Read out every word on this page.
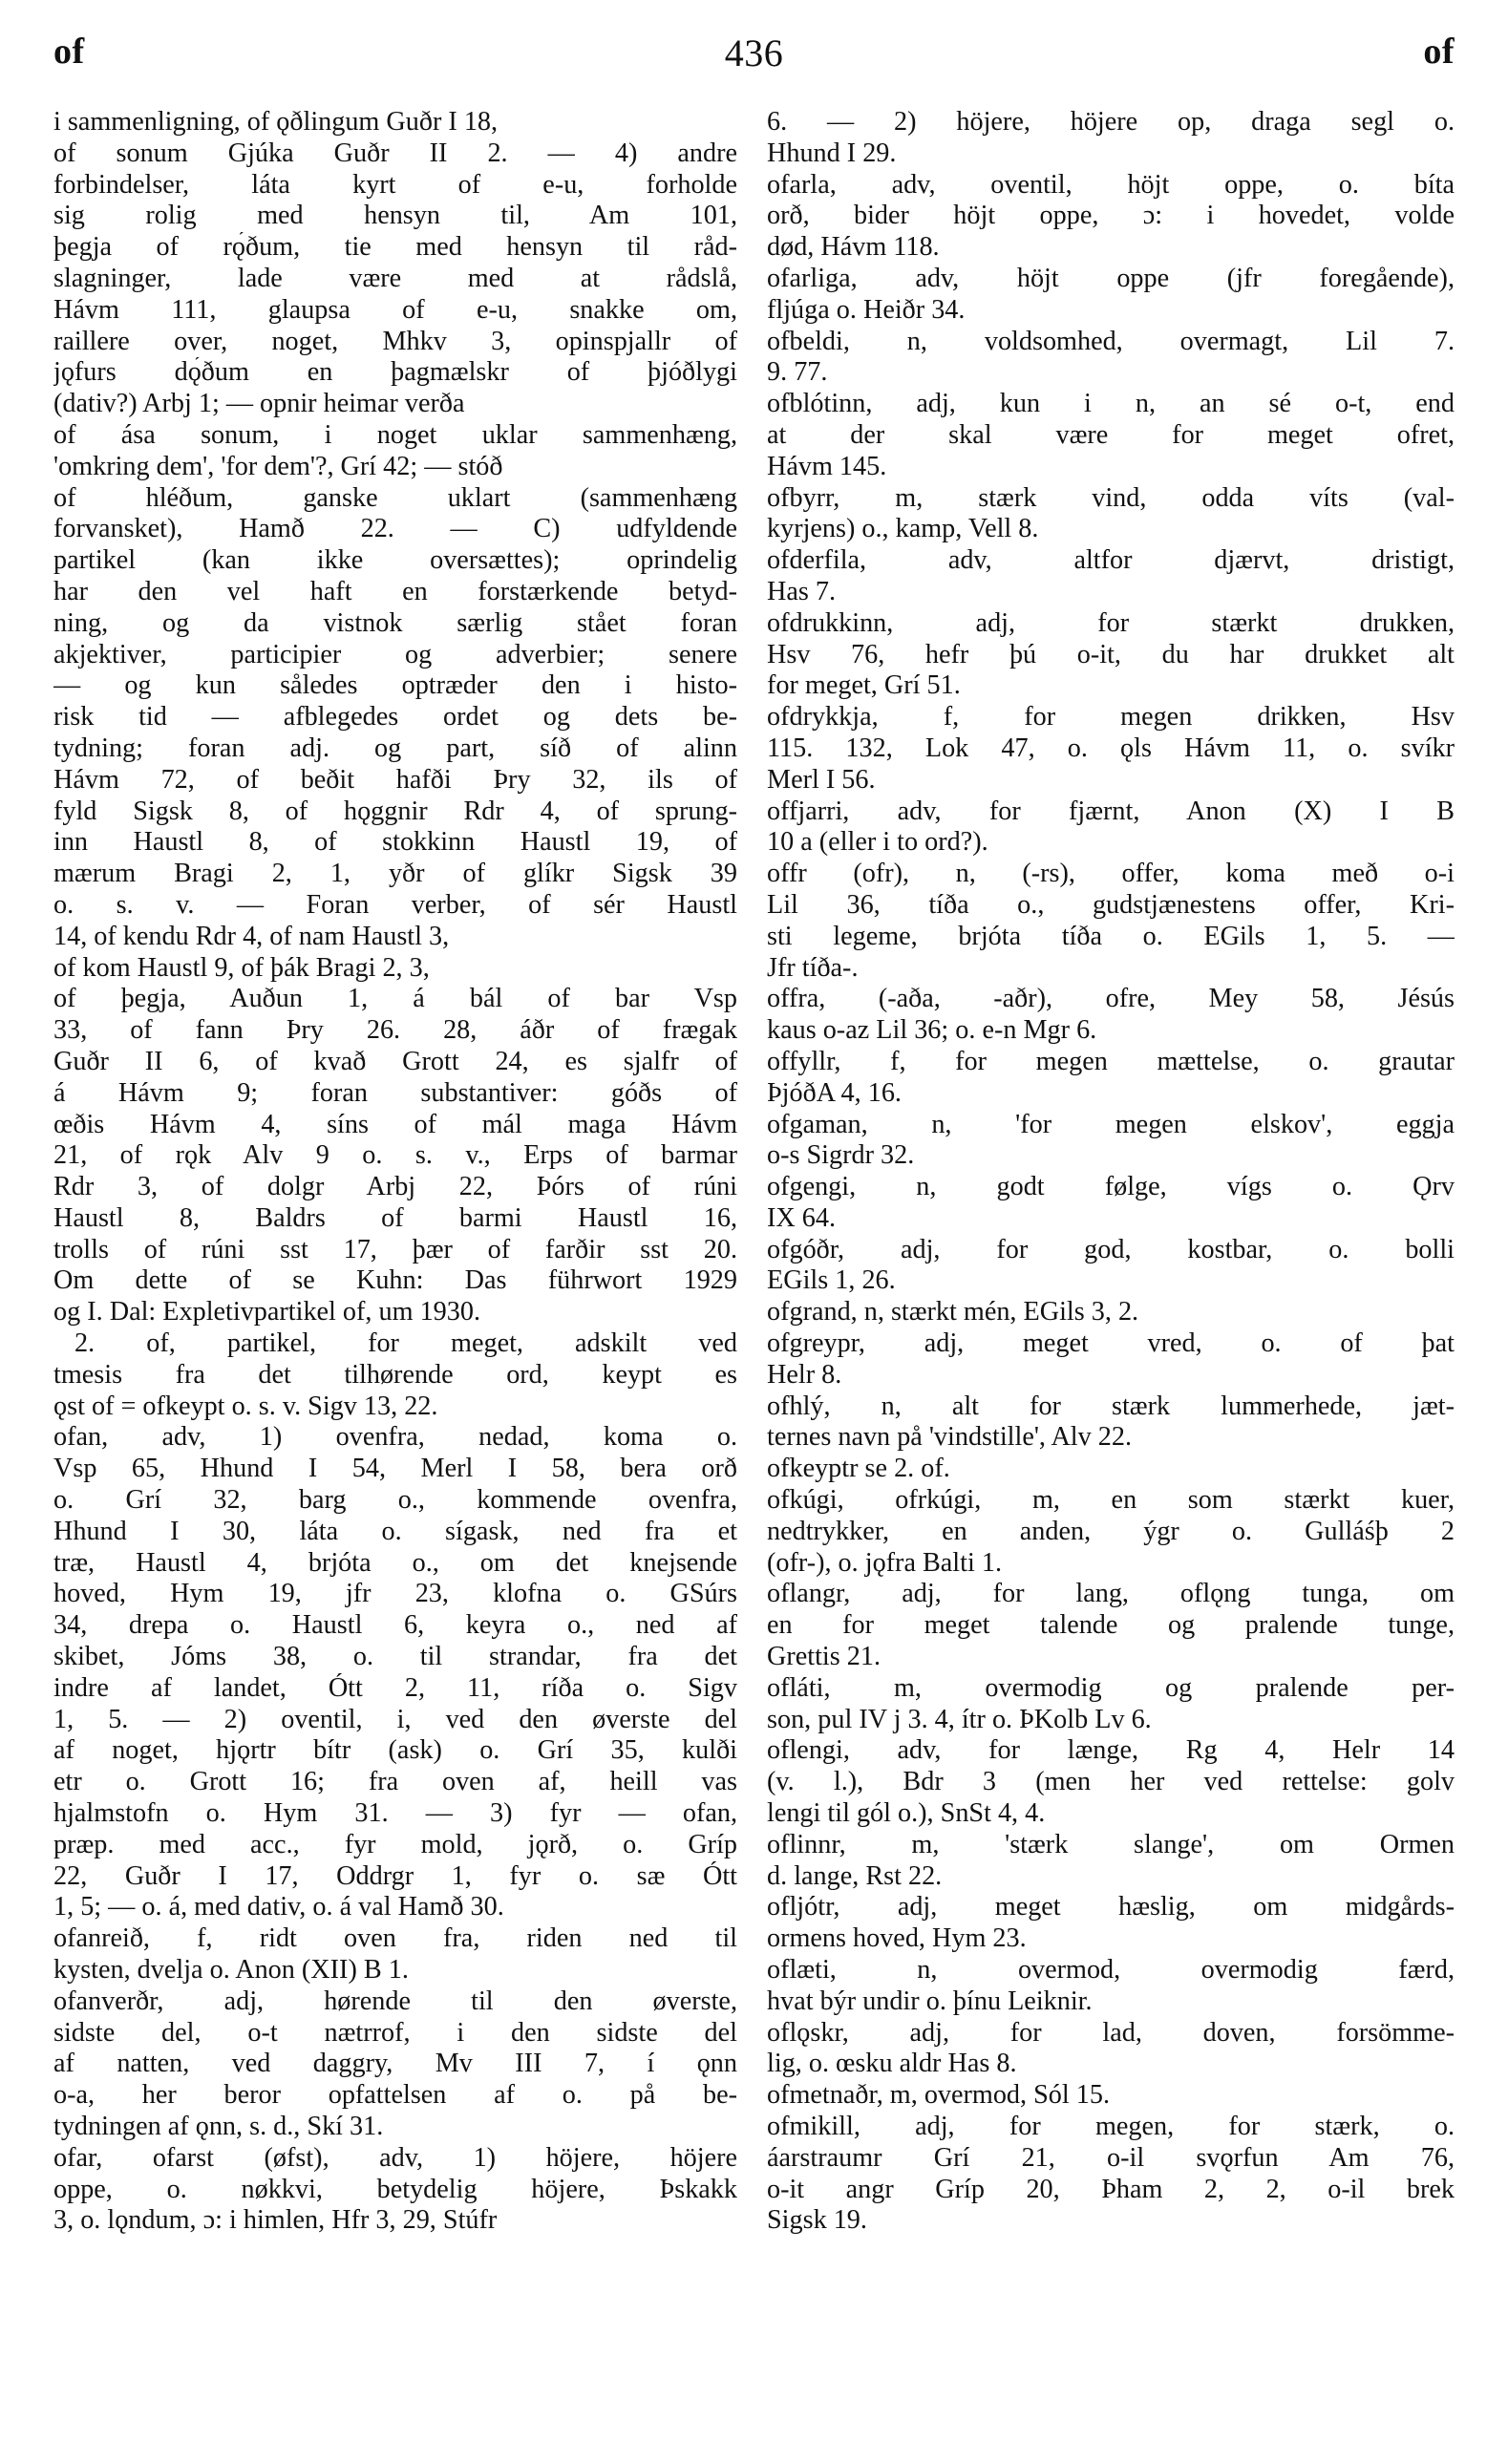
of	436	of
i sammenligning, of ǫðlingum Guðr I 18,
of sonum Gjúka Guðr II 2. — 4) andre
forbindelser, láta kyrt of e-u, forholde
sig rolig med hensyn til, Am 101,
þegja of rǫ́ðum, tie med hensyn til råd-
slagninger, lade være med at rådslå,
Hávm 111, glaupsa of e-u, snakke om,
raillere over, noget, Mhkv 3, opinspjallr of
jǫfurs dǫ́ðum en þagmælskr of þjóðlygi
(dativ?) Arbj 1; — opnir heimar verða
of ása sonum, i noget uklar sammenhæng,
'omkring dem', 'for dem'?, Grí 42; — stóð
of hléðum, ganske uklart (sammenhæng
forvansket), Hamð 22. — C) udfyldende
partikel (kan ikke oversættes); oprindelig
har den vel haft en forstærkende betyd-
ning, og da vistnok særlig stået foran
akjektiver, participier og adverbier; senere
— og kun således optræder den i histo-
risk tid — afblegedes ordet og dets be-
tydning; foran adj. og part, síð of alinn
Hávm 72, of beðit hafði Þry 32, ils of
fyld Sigsk 8, of hǫggnir Rdr 4, of sprung-
inn Haustl 8, of stokkinn Haustl 19, of
mærum Bragi 2, 1, yðr of glíkr Sigsk 39
o. s. v. — Foran verber, of sér Haustl
14, of kendu Rdr 4, of nam Haustl 3,
of kom Haustl 9, of þák Bragi 2, 3,
of þegja, Auðun 1, á bál of bar Vsp
33, of fann Þry 26. 28, áðr of frægak
Guðr II 6, of kvað Grott 24, es sjalfr of
á Hávm 9; foran substantiver: góðs of
œðis Hávm 4, síns of mál maga Hávm
21, of rǫk Alv 9 o. s. v., Erps of barmar
Rdr 3, of dolgr Arbj 22, Þórs of rúni
Haustl 8, Baldrs of barmi Haustl 16,
trolls of rúni sst 17, þær of farðir sst 20.
Om dette of se Kuhn: Das führwort 1929
og I. Dal: Expletivpartikel of, um 1930.
2. of, partikel, for meget, adskilt ved
tmesis fra det tilhørende ord, keypt es
ǫst of = ofkeypt o. s. v. Sigv 13, 22.
ofan, adv, 1) ovenfra, nedad, koma o.
Vsp 65, Hhund I 54, Merl I 58, bera orð
o. Grí 32, barg o., kommende ovenfra,
Hhund I 30, láta o. sígask, ned fra et
træ, Haustl 4, brjóta o., om det knejsende
hoved, Hym 19, jfr 23, klofna o. GSúrs
34, drepa o. Haustl 6, keyra o., ned af
skibet, Jóms 38, o. til strandar, fra det
indre af landet, Ótt 2, 11, ríða o. Sigv
1, 5. — 2) oventil, i, ved den øverste del
af noget, hjǫrtr bítr (ask) o. Grí 35, kulði
etr o. Grott 16; fra oven af, heill vas
hjalmstofn o. Hym 31. — 3) fyr — ofan,
præp. med acc., fyr mold, jǫrð, o. Gríp
22, Guðr I 17, Oddrgr 1, fyr o. sæ Ótt
1, 5; — o. á, med dativ, o. á val Hamð 30.
ofanreið, f, ridt oven fra, riden ned til
kysten, dvelja o. Anon (XII) B 1.
ofanverðr, adj, hørende til den øverste,
sidste del, o-t nætrrof, i den sidste del
af natten, ved daggry, Mv III 7, í ǫnn
o-a, her beror opfattelsen af o. på be-
tydningen af ǫnn, s. d., Skí 31.
ofar, ofarst (øfst), adv, 1) höjere, höjere
oppe, o. nøkkvi, betydelig höjere, Þskakk
3, o. lǫndum, ɔ: i himlen, Hfr 3, 29, Stúfr
6. — 2) höjere, höjere op, draga segl o.
Hhund I 29.
ofarla, adv, oventil, höjt oppe, o. bíta
orð, bider höjt oppe, ɔ: i hovedet, volde
død, Hávm 118.
ofarliga, adv, höjt oppe (jfr foregående),
fljúga o. Heiðr 34.
ofbeldi, n, voldsomhed, overmagt, Lil 7.
9. 77.
ofblótinn, adj, kun i n, an sé o-t, end
at der skal være for meget ofret,
Hávm 145.
ofbyrr, m, stærk vind, odda víts (val-
kyrjens) o., kamp, Vell 8.
ofderfila, adv, altfor djærvt, dristigt,
Has 7.
ofdrukkinn, adj, for stærkt drukken,
Hsv 76, hefr þú o-it, du har drukket alt
for meget, Grí 51.
ofdrykkja, f, for megen drikken, Hsv
115. 132, Lok 47, o. ǫls Hávm 11, o. svíkr
Merl I 56.
offjarri, adv, for fjærnt, Anon (X) I B
10 a (eller i to ord?).
offr (ofr), n, (-rs), offer, koma með o-i
Lil 36, tíða o., gudstjænestens offer, Kri-
sti legeme, brjóta tíða o. EGils 1, 5. —
Jfr tíða-.
offra, (-aða, -aðr), ofre, Mey 58, Jésús
kaus o-az Lil 36; o. e-n Mgr 6.
offyllr, f, for megen mættelse, o. grautar
ÞjóðA 4, 16.
ofgaman, n, 'for megen elskov', eggja
o-s Sigrdr 32.
ofgengi, n, godt følge, vígs o. Ǫrv
IX 64.
ofgóðr, adj, for god, kostbar, o. bolli
EGils 1, 26.
ofgrand, n, stærkt mén, EGils 3, 2.
ofgreypr, adj, meget vred, o. of þat
Helr 8.
ofhlý, n, alt for stærk lummerhede, jæt-
ternes navn på 'vindstille', Alv 22.
ofkeyptr se 2. of.
ofkúgi, ofrkúgi, m, en som stærkt kuer,
nedtrykker, en anden, ýgr o. Gulláśþ 2
(ofr-), o. jǫfra Balti 1.
oflangr, adj, for lang, oflǫng tunga, om
en for meget talende og pralende tunge,
Grettis 21.
ofláti, m, overmodig og pralende per-
son, pul IV j 3. 4, ítr o. ÞKolb Lv 6.
oflengi, adv, for længe, Rg 4, Helr 14
(v. l.), Bdr 3 (men her ved rettelse: golv
lengi til gól o.), SnSt 4, 4.
oflinnr, m, 'stærk slange', om Ormen
d. lange, Rst 22.
ofljótr, adj, meget hæslig, om midgårds-
ormens hoved, Hym 23.
oflæti, n, overmod, overmodig færd,
hvat býr undir o. þínu Leiknir.
oflǫskr, adj, for lad, doven, forsömme-
lig, o. œsku aldr Has 8.
ofmetnaðr, m, overmod, Sól 15.
ofmikill, adj, for megen, for stærk, o.
áarstraumr Grí 21, o-il svǫrfun Am 76,
o-it angr Gríp 20, Þham 2, 2, o-il brek
Sigsk 19.
